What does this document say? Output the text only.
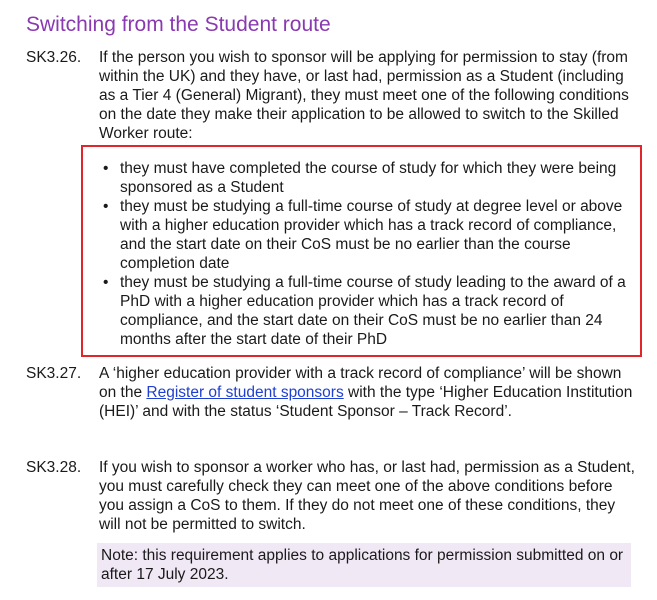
Switching from the Student route
SK3.26.	If the person you wish to sponsor will be applying for permission to stay (from within the UK) and they have, or last had, permission as a Student (including as a Tier 4 (General) Migrant), they must meet one of the following conditions on the date they make their application to be allowed to switch to the Skilled Worker route:
• they must have completed the course of study for which they were being sponsored as a Student
• they must be studying a full-time course of study at degree level or above with a higher education provider which has a track record of compliance, and the start date on their CoS must be no earlier than the course completion date
• they must be studying a full-time course of study leading to the award of a PhD with a higher education provider which has a track record of compliance, and the start date on their CoS must be no earlier than 24 months after the start date of their PhD
SK3.27.	A ‘higher education provider with a track record of compliance’ will be shown on the Register of student sponsors with the type ‘Higher Education Institution (HEI)’ and with the status ‘Student Sponsor – Track Record’.
SK3.28.	If you wish to sponsor a worker who has, or last had, permission as a Student, you must carefully check they can meet one of the above conditions before you assign a CoS to them. If they do not meet one of these conditions, they will not be permitted to switch.
Note: this requirement applies to applications for permission submitted on or after 17 July 2023.
